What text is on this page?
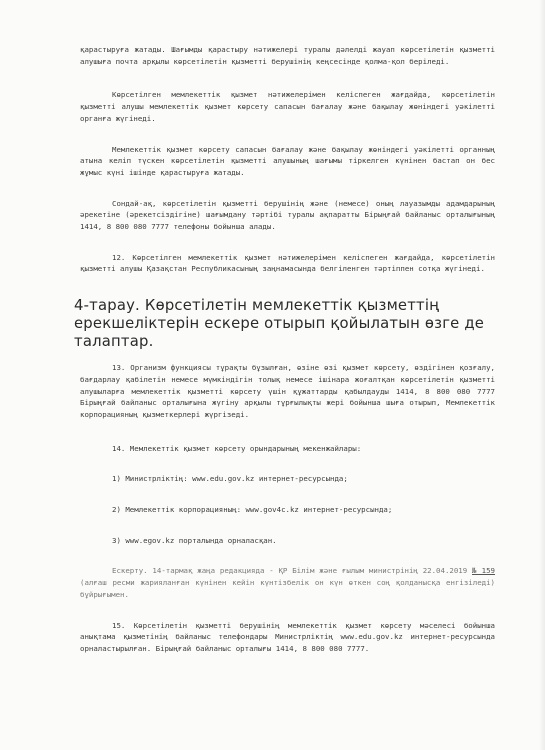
қарастыруға жатады. Шағымды қарастыру нәтижелері туралы дәлелді жауап көрсетілетін қызметті алушыға почта арқылы көрсетілетін қызметті берушінің кеңсесінде қолма-қол беріледі.

Көрсетілген мемлекеттік қызмет нәтижелерімен келіспеген жағдайда, көрсетілетін қызметті алушы мемлекеттік қызмет көрсету сапасын бағалау және бақылау жөніндегі уәкілетті органға жүгінеді.

Мемлекеттік қызмет көрсету сапасын бағалау және бақылау жөніндегі уәкілетті органның атына келіп түскен көрсетілетін қызметті алушының шағымы тіркелген күнінен бастап он бес жұмыс күні ішінде қарастыруға жатады.

Сондай-ақ, көрсетілетін қызметті берушінің және (немесе) оның лауазымды адамдарының әрекетіне (әрекетсіздігіне) шағымдану тәртібі туралы ақпаратты Бірыңғай байланыс орталығының 1414, 8 800 080 7777 телефоны бойынша алады.

12. Көрсетілген мемлекеттік қызмет нәтижелерімен келіспеген жағдайда, көрсетілетін қызметті алушы Қазақстан Республикасының заңнамасында белгіленген тәртіппен сотқа жүгінеді.

4-тарау. Көрсетілетін мемлекеттік қызметтің ерекшеліктерін ескере отырып қойылатын өзге де талаптар.

13. Организм функциясы тұрақты бұзылған, өзіне өзі қызмет көрсету, өздігінен қозғалу, бағдарлау қабілетін немесе мүмкіндігін толық немесе ішінара жоғалтқан көрсетілетін қызметті алушыларға мемлекеттік қызметті көрсету үшін құжаттарды қабылдауды 1414, 8 800 080 7777 Бірыңғай байланыс орталығына жүгіну арқылы тұрғылықты жері бойынша шыға отырып, Мемлекеттік корпорацияның қызметкерлері жүргізеді.

14. Мемлекеттік қызмет көрсету орындарының мекенжайлары:

1) Министрліктің: www.edu.gov.kz интернет-ресурсында;

2) Мемлекеттік корпорацияның: www.gov4c.kz интернет-ресурсында;

3) www.egov.kz порталында орналасқан.

Ескерту. 14-тармақ жаңа редакцияда - ҚР Білім және ғылым министрінің 22.04.2019 № 159 (алғаш ресми жарияланған күнінен кейін күнтізбелік он күн өткен соң қолданысқа енгізіледі) бұйрығымен.

15. Көрсетілетін қызметті берушінің мемлекеттік қызмет көрсету мәселесі бойынша анықтама қызметінің байланыс телефондары Министрліктің www.edu.gov.kz интернет-ресурсында орналастырылған. Бірыңғай байланыс орталығы 1414, 8 800 080 7777.
